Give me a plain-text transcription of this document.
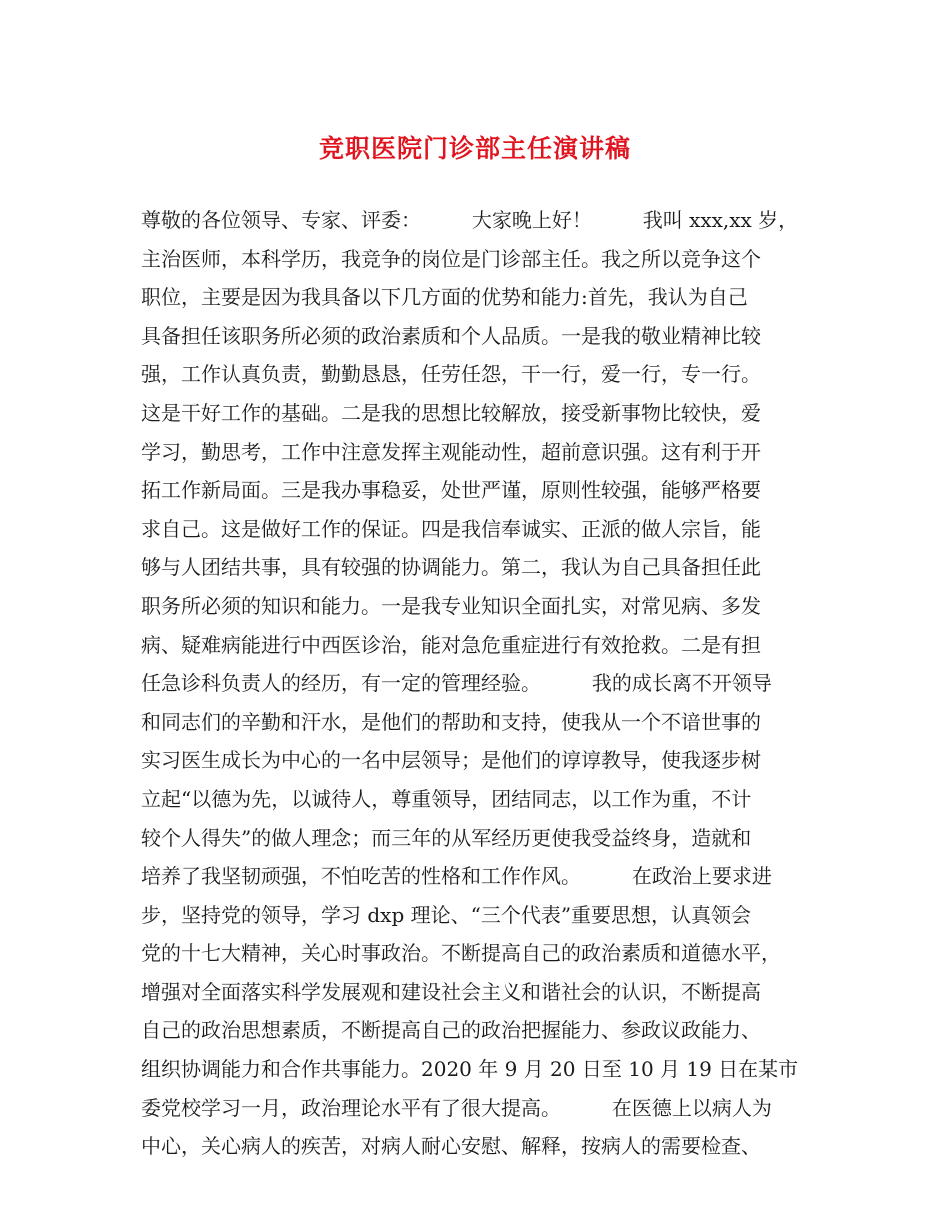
竞职医院门诊部主任演讲稿
尊敬的各位领导、专家、评委：        大家晚上好！        我叫 xxx,xx 岁，
主治医师，本科学历，我竞争的岗位是门诊部主任。我之所以竞争这个
职位，主要是因为我具备以下几方面的优势和能力:首先，我认为自己
具备担任该职务所必须的政治素质和个人品质。一是我的敬业精神比较
强，工作认真负责，勤勤恳恳，任劳任怨，干一行，爱一行，专一行。
这是干好工作的基础。二是我的思想比较解放，接受新事物比较快，爱
学习，勤思考，工作中注意发挥主观能动性，超前意识强。这有利于开
拓工作新局面。三是我办事稳妥，处世严谨，原则性较强，能够严格要
求自己。这是做好工作的保证。四是我信奉诚实、正派的做人宗旨，能
够与人团结共事，具有较强的协调能力。第二，我认为自己具备担任此
职务所必须的知识和能力。一是我专业知识全面扎实，对常见病、多发
病、疑难病能进行中西医诊治，能对急危重症进行有效抢救。二是有担
任急诊科负责人的经历，有一定的管理经验。        我的成长离不开领导
和同志们的辛勤和汗水，是他们的帮助和支持，使我从一个不谙世事的
实习医生成长为中心的一名中层领导；是他们的谆谆教导，使我逐步树
立起“以德为先，以诚待人，尊重领导，团结同志，以工作为重，不计
较个人得失”的做人理念；而三年的从军经历更使我受益终身，造就和
培养了我坚韧顽强，不怕吃苦的性格和工作作风。        在政治上要求进
步，坚持党的领导，学习 dxp 理论、“三个代表”重要思想，认真领会
党的十七大精神，关心时事政治。不断提高自己的政治素质和道德水平，
增强对全面落实科学发展观和建设社会主义和谐社会的认识，不断提高
自己的政治思想素质，不断提高自己的政治把握能力、参政议政能力、
组织协调能力和合作共事能力。2020 年 9 月 20 日至 10 月 19 日在某市
委党校学习一月，政治理论水平有了很大提高。        在医德上以病人为
中心，关心病人的疾苦，对病人耐心安慰、解释，按病人的需要检查、
